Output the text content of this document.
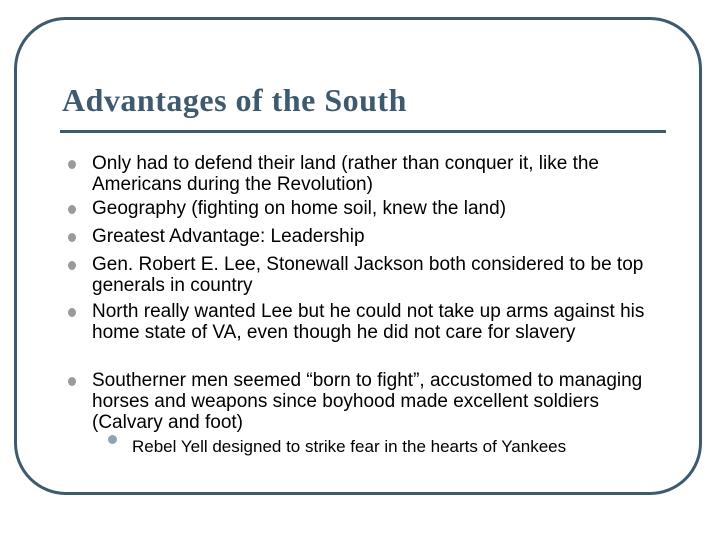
Advantages of the South
Only had to defend their land (rather than conquer it, like the Americans during the Revolution)
Geography (fighting on home soil, knew the land)
Greatest Advantage: Leadership
Gen. Robert E. Lee, Stonewall Jackson both considered to be top generals in country
North really wanted Lee but he could not take up arms against his home state of VA, even though he did not care for slavery
Southerner men seemed “born to fight”, accustomed to managing horses and weapons since boyhood made excellent soldiers (Calvary and foot)
Rebel Yell designed to strike fear in the hearts of Yankees
